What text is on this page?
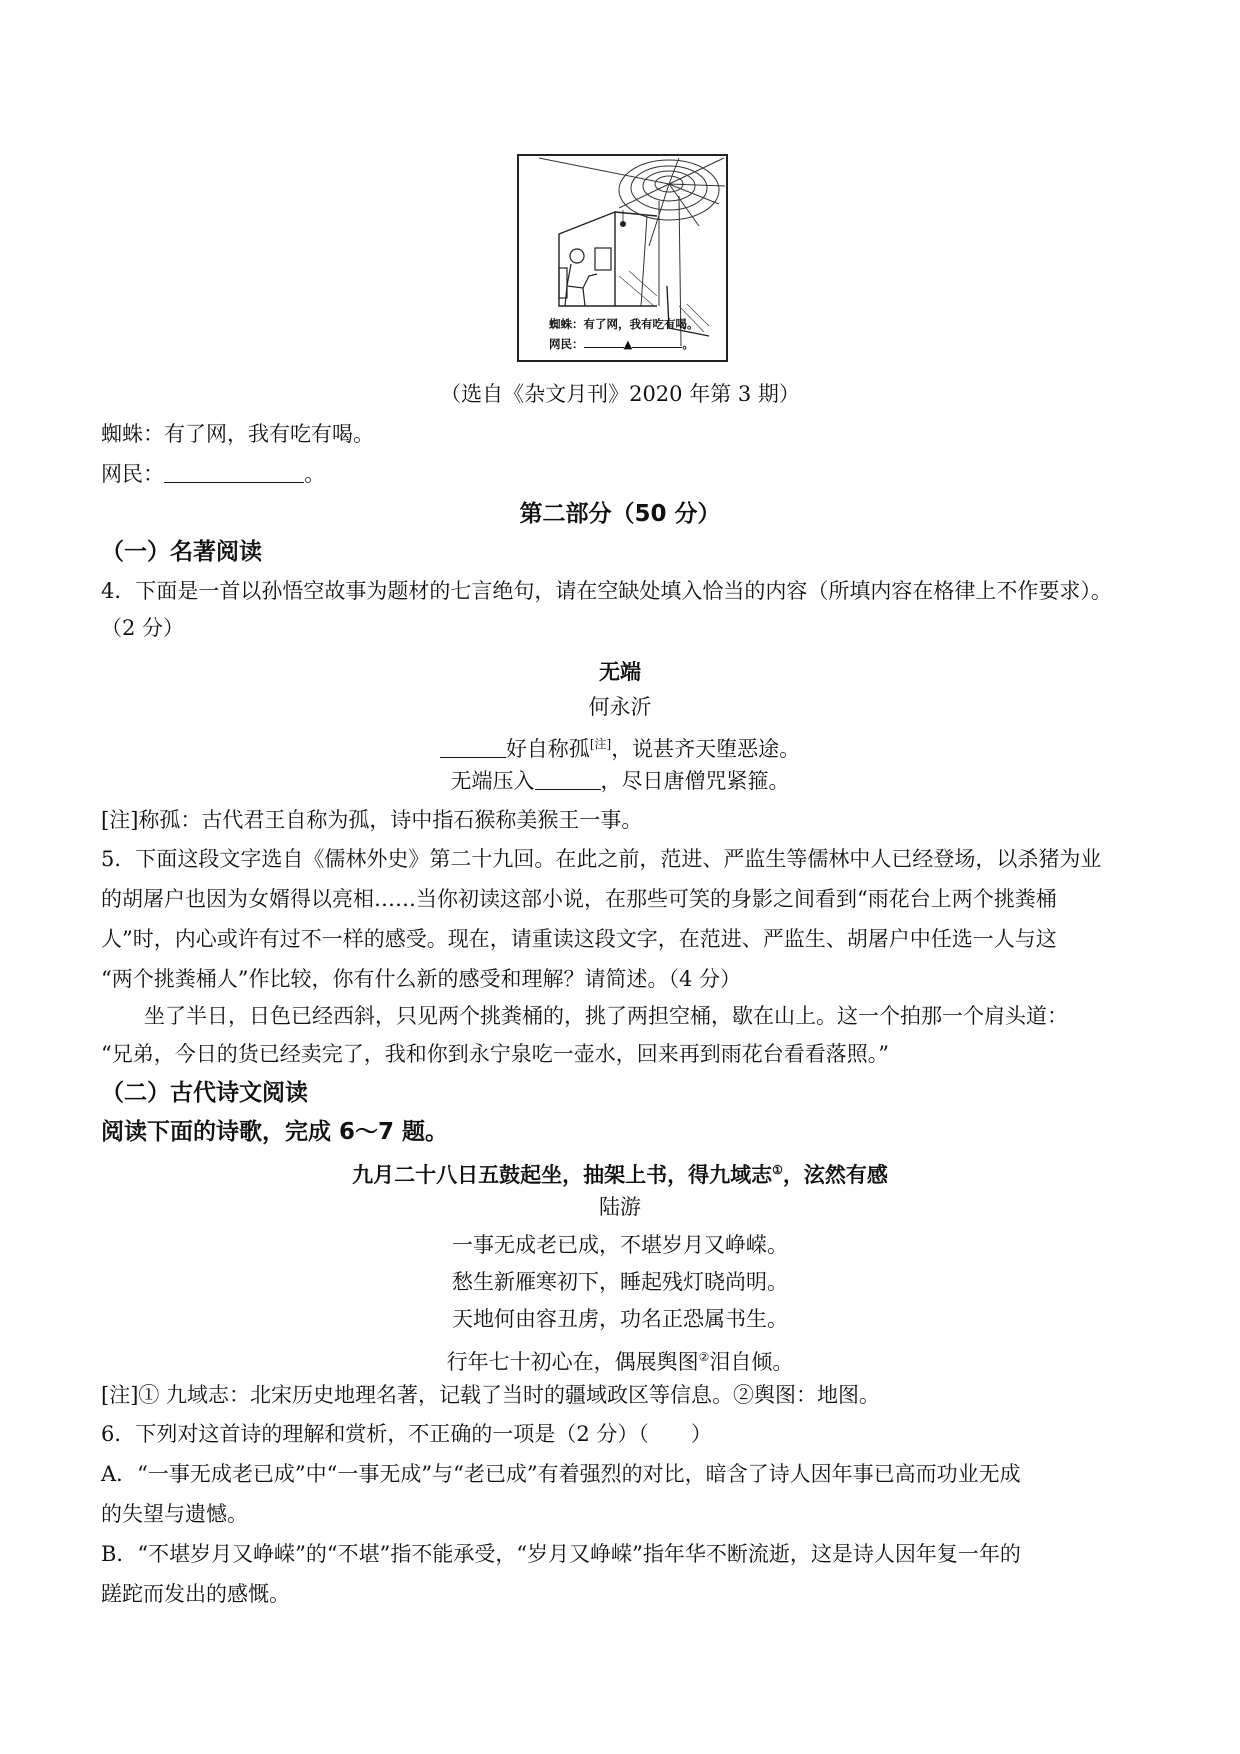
蜘蛛：有了网，我有吃有喝。
网民：	▲	。
（选自《杂文月刊》2020 年第 3 期）
蜘蛛：有了网，我有吃有喝。
网民：	。
第二部分（50 分）
（一）名著阅读
4．下面是一首以孙悟空故事为题材的七言绝句，请在空缺处填入恰当的内容（所填内容在格律上不作要求）。
（2 分）
无端
何永沂
好自称孤[注]，说甚齐天堕恶途。
无端压入	，尽日唐僧咒紧箍。
[注]称孤：古代君王自称为孤，诗中指石猴称美猴王一事。
5．下面这段文字选自《儒林外史》第二十九回。在此之前，范进、严监生等儒林中人已经登场，以杀猪为业
的胡屠户也因为女婿得以亮相……当你初读这部小说，在那些可笑的身影之间看到“雨花台上两个挑粪桶
人”时，内心或许有过不一样的感受。现在，请重读这段文字，在范进、严监生、胡屠户中任选一人与这
“两个挑粪桶人”作比较，你有什么新的感受和理解？请简述。（4 分）
坐了半日，日色已经西斜，只见两个挑粪桶的，挑了两担空桶，歇在山上。这一个拍那一个肩头道：
“兄弟，今日的货已经卖完了，我和你到永宁泉吃一壶水，回来再到雨花台看看落照。”
（二）古代诗文阅读
阅读下面的诗歌，完成 6～7 题。
九月二十八日五鼓起坐，抽架上书，得九域志①，泫然有感
陆游
一事无成老已成，不堪岁月又峥嵘。
愁生新雁寒初下，睡起残灯晓尚明。
天地何由容丑虏，功名正恐属书生。
行年七十初心在，偶展舆图②泪自倾。
[注]① 九域志：北宋历史地理名著，记载了当时的疆域政区等信息。②舆图：地图。
6．下列对这首诗的理解和赏析，不正确的一项是（2 分）（　　）
A．“一事无成老已成”中“一事无成”与“老已成”有着强烈的对比，暗含了诗人因年事已高而功业无成
的失望与遗憾。
B．“不堪岁月又峥嵘”的“不堪”指不能承受，“岁月又峥嵘”指年华不断流逝，这是诗人因年复一年的
蹉跎而发出的感慨。
